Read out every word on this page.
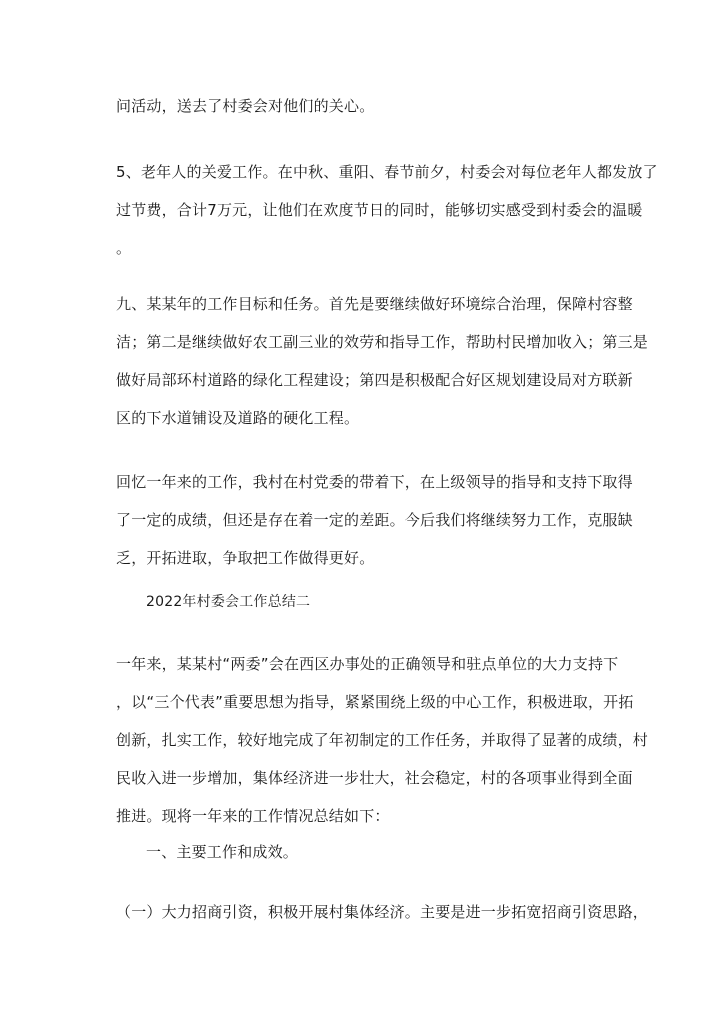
问活动，送去了村委会对他们的关心。
5、老年人的关爱工作。在中秋、重阳、春节前夕，村委会对每位老年人都发放了
过节费，合计7万元，让他们在欢度节日的同时，能够切实感受到村委会的温暖
。
九、某某年的工作目标和任务。首先是要继续做好环境综合治理，保障村容整
洁；第二是继续做好农工副三业的效劳和指导工作，帮助村民增加收入；第三是
做好局部环村道路的绿化工程建设；第四是积极配合好区规划建设局对方联新
区的下水道铺设及道路的硬化工程。
回忆一年来的工作，我村在村党委的带着下，在上级领导的指导和支持下取得
了一定的成绩，但还是存在着一定的差距。今后我们将继续努力工作，克服缺
乏，开拓进取，争取把工作做得更好。
2022年村委会工作总结二
一年来，某某村“两委”会在西区办事处的正确领导和驻点单位的大力支持下
，以“三个代表”重要思想为指导，紧紧围绕上级的中心工作，积极进取，开拓
创新，扎实工作，较好地完成了年初制定的工作任务，并取得了显著的成绩，村
民收入进一步增加，集体经济进一步壮大，社会稳定，村的各项事业得到全面
推进。现将一年来的工作情况总结如下：
一、主要工作和成效。
（一）大力招商引资，积极开展村集体经济。主要是进一步拓宽招商引资思路，
